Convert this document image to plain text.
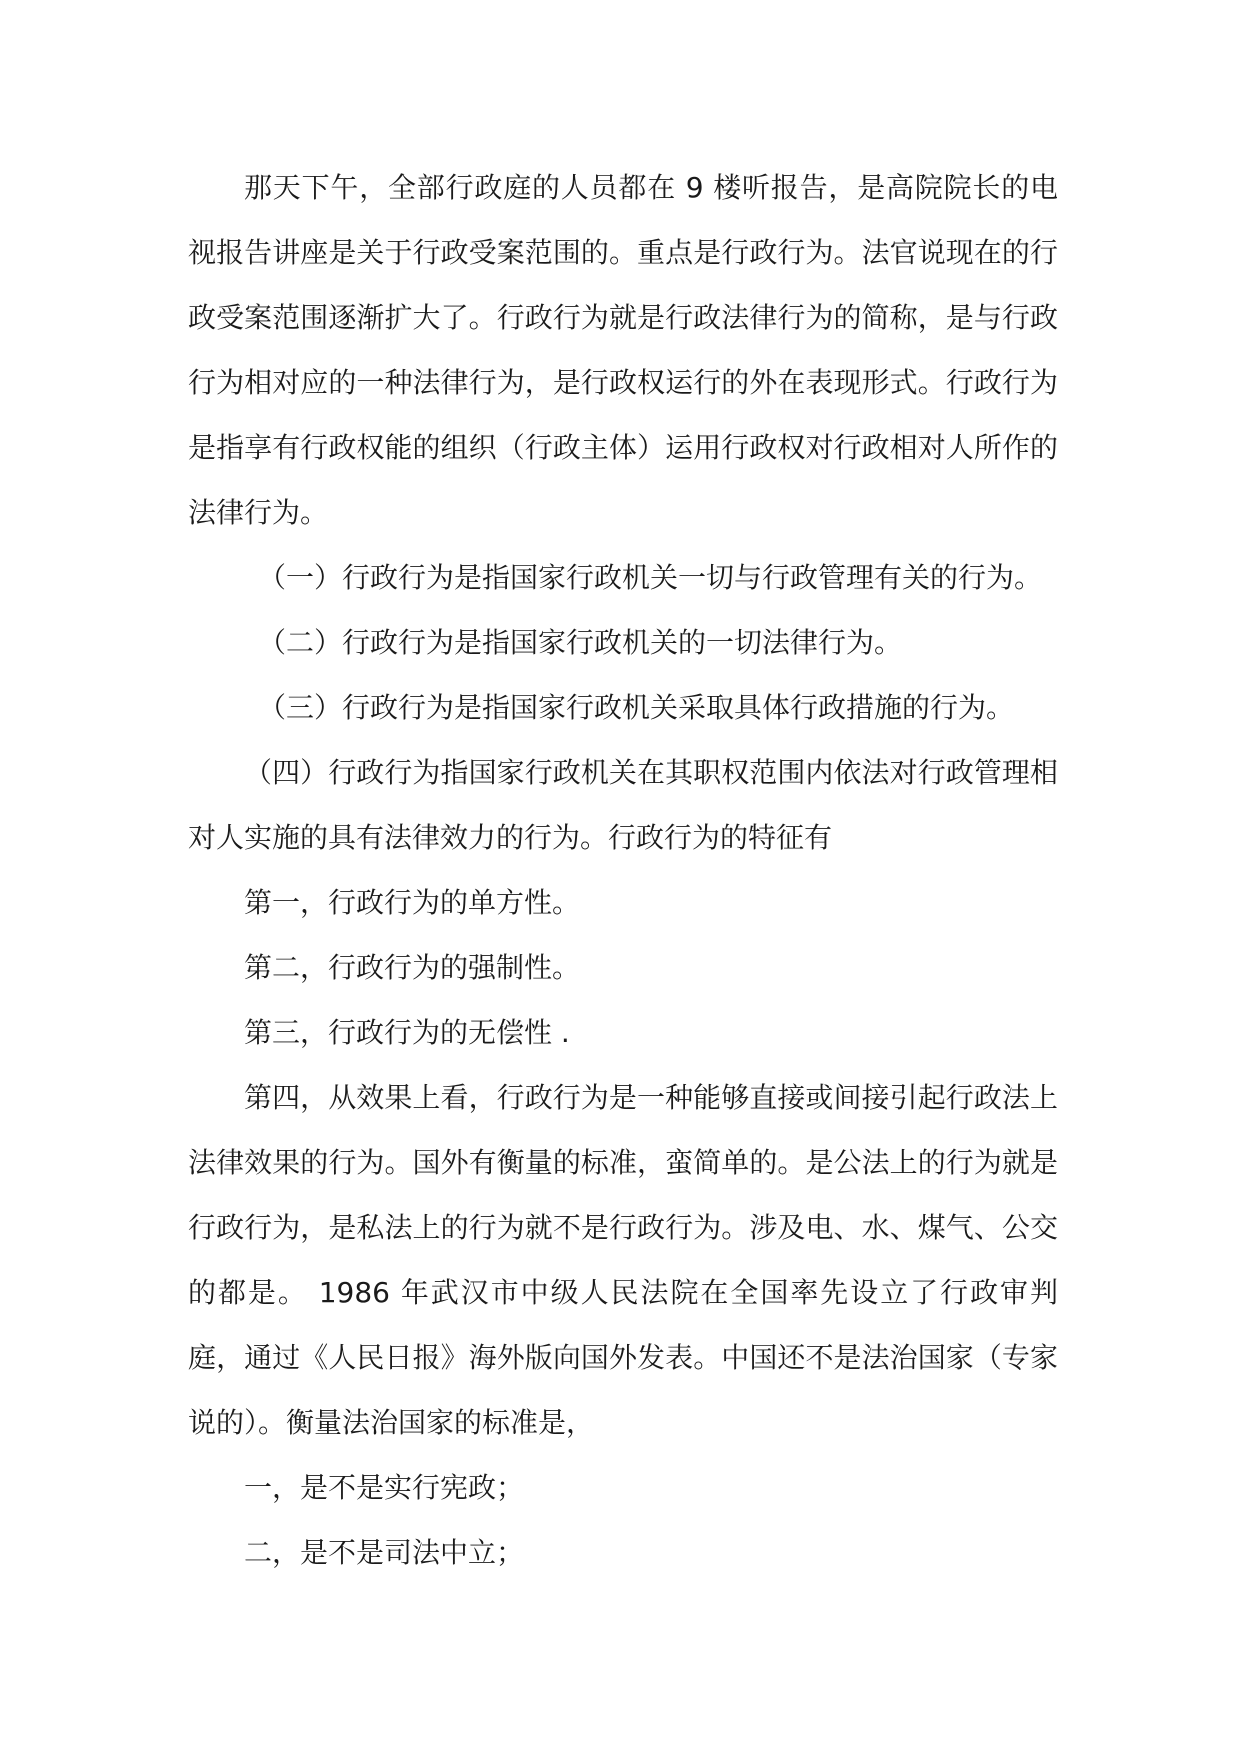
那天下午，全部行政庭的人员都在 9 楼听报告，是高院院长的电视报告讲座是关于行政受案范围的。重点是行政行为。法官说现在的行政受案范围逐渐扩大了。行政行为就是行政法律行为的简称，是与行政行为相对应的一种法律行为，是行政权运行的外在表现形式。行政行为是指享有行政权能的组织（行政主体）运用行政权对行政相对人所作的法律行为。

（一）行政行为是指国家行政机关一切与行政管理有关的行为。

（二）行政行为是指国家行政机关的一切法律行为。

（三）行政行为是指国家行政机关采取具体行政措施的行为。

（四）行政行为指国家行政机关在其职权范围内依法对行政管理相对人实施的具有法律效力的行为。行政行为的特征有

第一，行政行为的单方性。

第二，行政行为的强制性。

第三，行政行为的无偿性 .

第四，从效果上看，行政行为是一种能够直接或间接引起行政法上法律效果的行为。国外有衡量的标准，蛮简单的。是公法上的行为就是行政行为，是私法上的行为就不是行政行为。涉及电、水、煤气、公交的都是。 1986 年武汉市中级人民法院在全国率先设立了行政审判庭，通过《人民日报》海外版向国外发表。中国还不是法治国家（专家说的）。衡量法治国家的标准是，

一，是不是实行宪政；

二，是不是司法中立；
